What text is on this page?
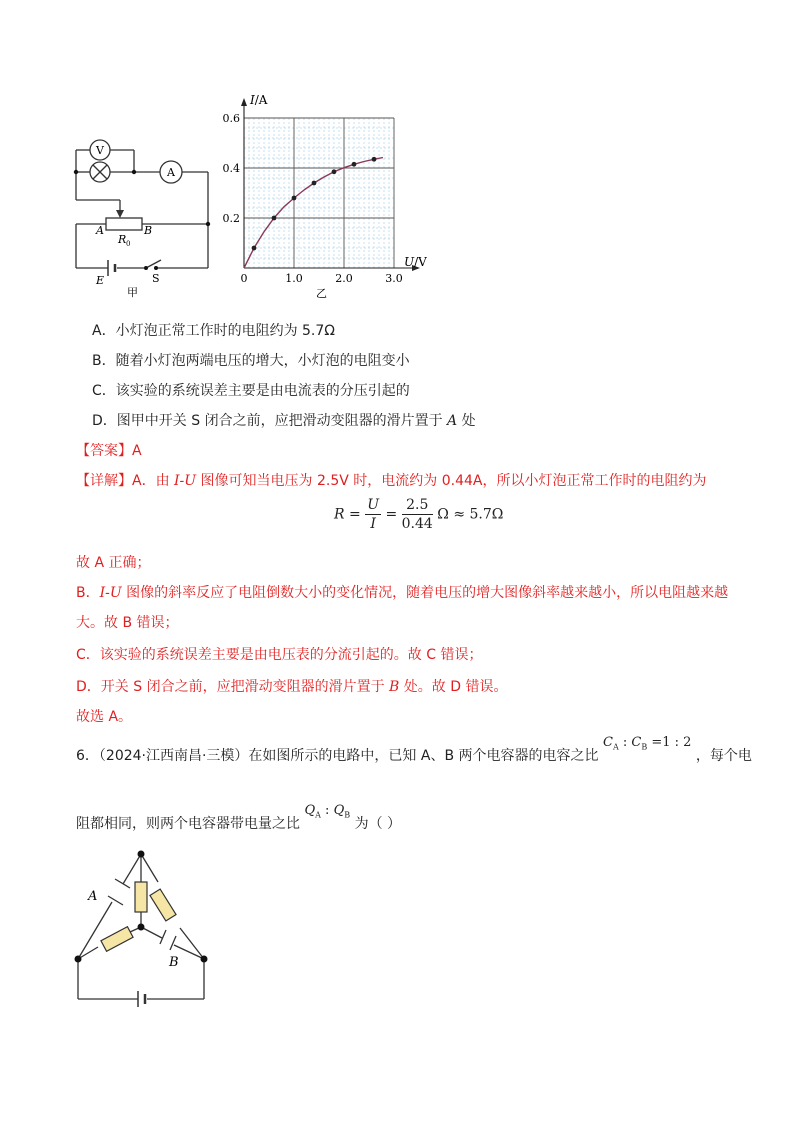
V
A
A
R 0
B
E	S
甲
0	1.0	2.0	3.0
0.2
0.4
0.6
I/A
U/V
乙
A．小灯泡正常工作时的电阻约为 5.7Ω
B．随着小灯泡两端电压的增大，小灯泡的电阻变小
C．该实验的系统误差主要是由电流表的分压引起的
D．图甲中开关 S 闭合之前，应把滑动变阻器的滑片置于 A 处
【答案】A
【详解】A．由 I-U 图像可知当电压为 2.5V 时，电流约为 0.44A，所以小灯泡正常工作时的电阻约为
$R = \frac{U}{I} = \frac{2.5}{0.44}$ Ω ≈ 5.7Ω
故 A 正确；
B．I-U 图像的斜率反应了电阻倒数大小的变化情况，随着电压的增大图像斜率越来越小，所以电阻越来越
大。故 B 错误；
C．该实验的系统误差主要是由电压表的分流引起的。故 C 错误；
D．开关 S 闭合之前，应把滑动变阻器的滑片置于 B 处。故 D 错误。
故选 A。
6．（2024·江西南昌·三模）在如图所示的电路中，已知 A、B 两个电容器的电容之比 $C_A$ : $C_B =1$ : 2 ，每个电
阻都相同，则两个电容器带电量之比 $Q_A$ : $Q_B$ 为（ ）
A
B
